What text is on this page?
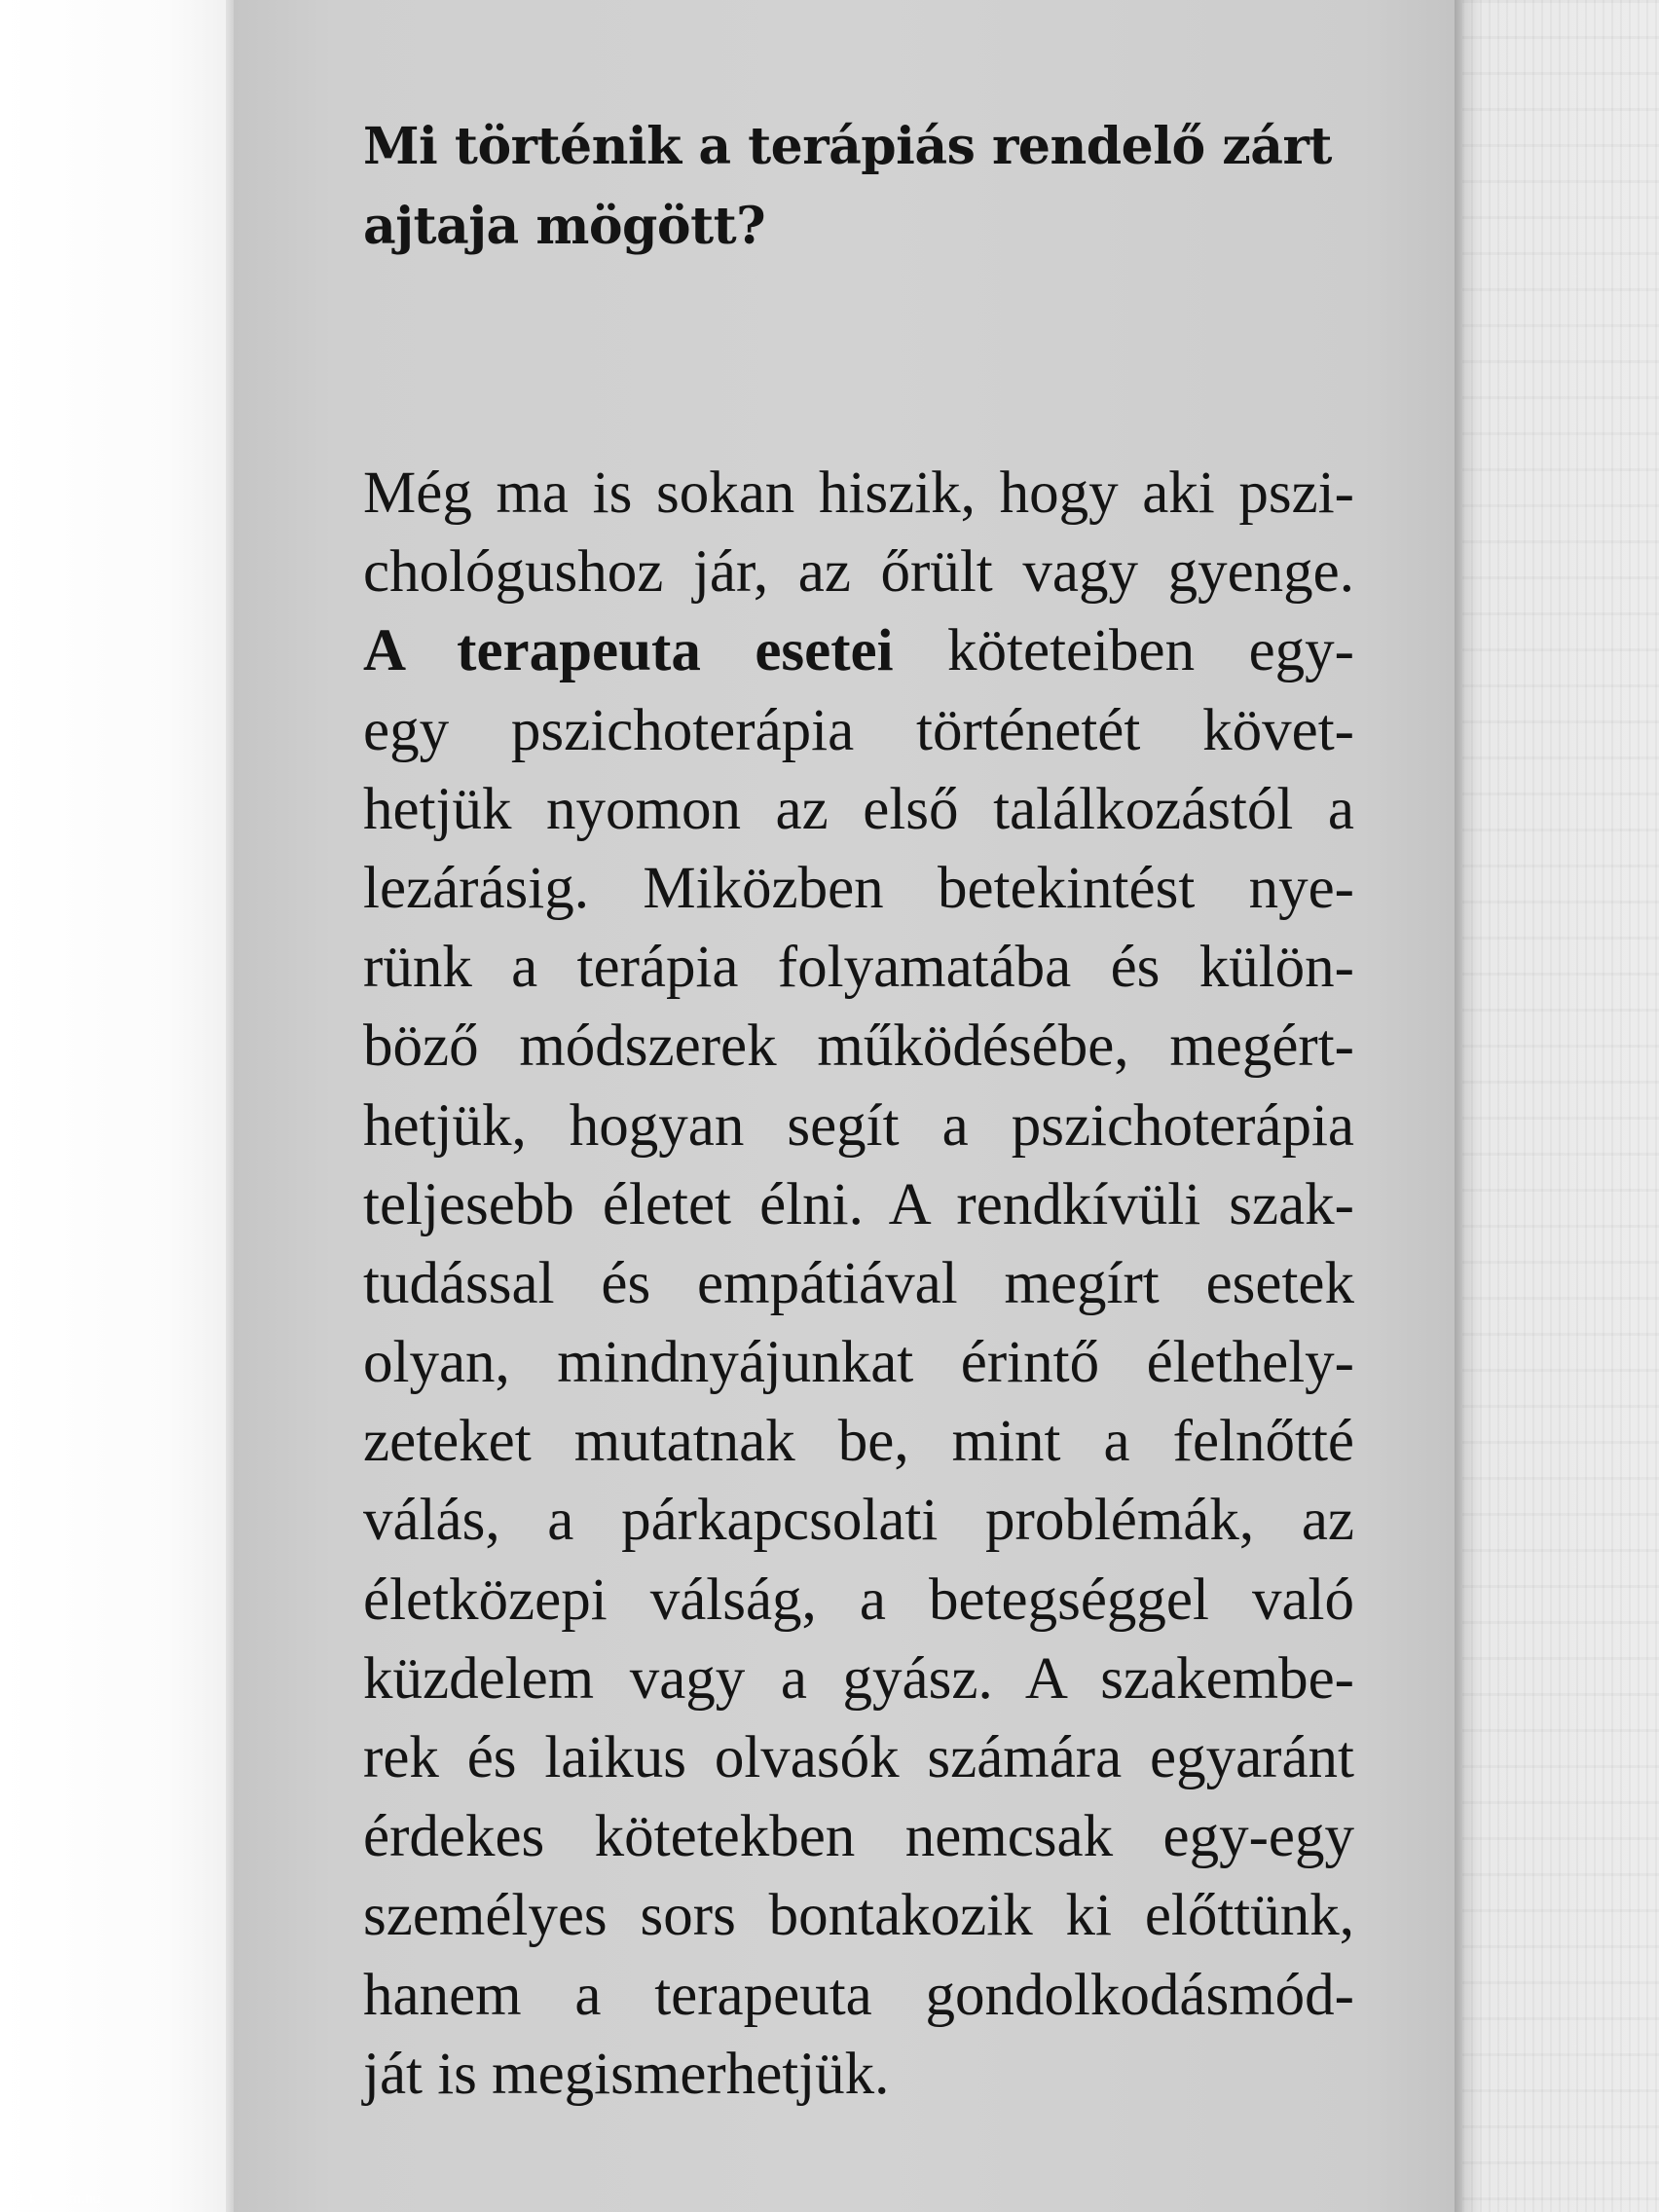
Mi történik a terápiás rendelő zárt
ajtaja mögött?
Még ma is sokan hiszik, hogy aki pszi-
chológushoz jár, az őrült vagy gyenge.
A terapeuta esetei köteteiben egy-
egy pszichoterápia történetét követ-
hetjük nyomon az első találkozástól a
lezárásig. Miközben betekintést nye-
rünk a terápia folyamatába és külön-
böző módszerek működésébe, megért-
hetjük, hogyan segít a pszichoterápia
teljesebb életet élni. A rendkívüli szak-
tudással és empátiával megírt esetek
olyan, mindnyájunkat érintő élethely-
zeteket mutatnak be, mint a felnőtté
válás, a párkapcsolati problémák, az
életközepi válság, a betegséggel való
küzdelem vagy a gyász. A szakembe-
rek és laikus olvasók számára egyaránt
érdekes kötetekben nemcsak egy-egy
személyes sors bontakozik ki előttünk,
hanem a terapeuta gondolkodásmód-
ját is megismerhetjük.
Antikvarium.hu
